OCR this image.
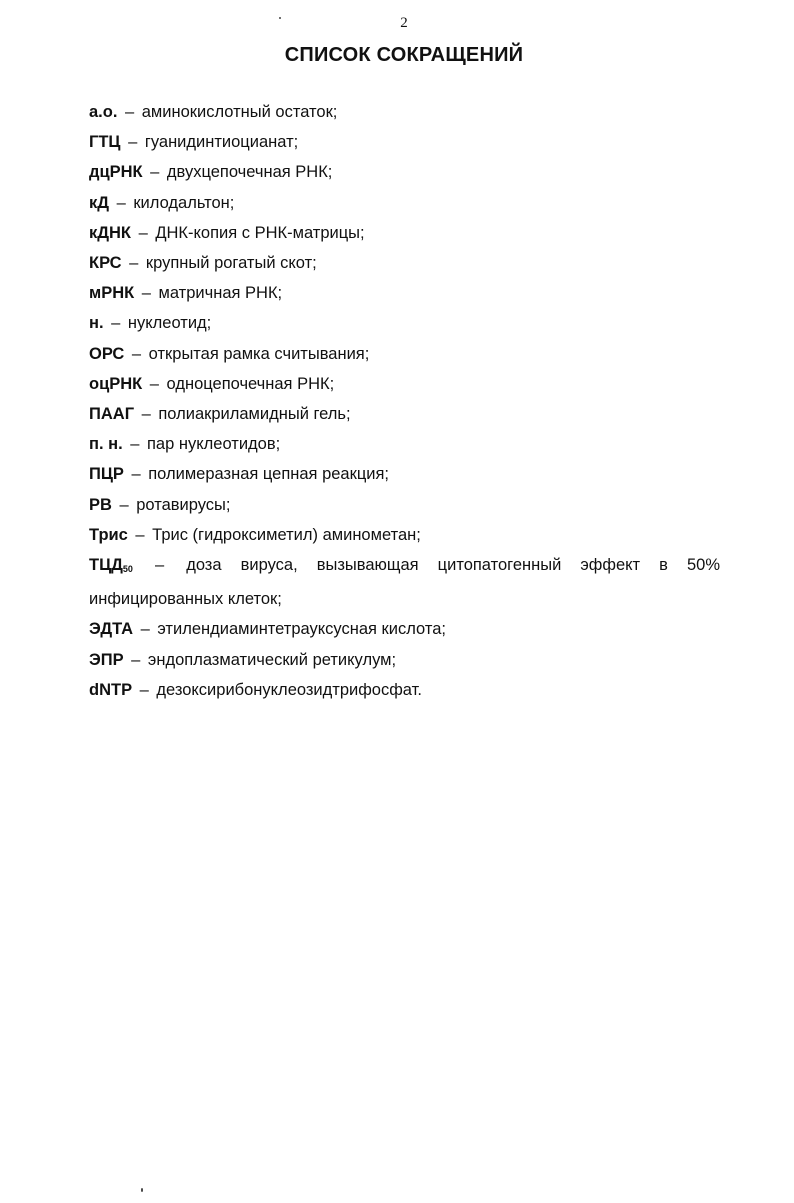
2
СПИСОК СОКРАЩЕНИЙ
а.о. – аминокислотный остаток;
ГТЦ – гуанидинтиоцианат;
дцРНК – двухцепочечная РНК;
кД – килодальтон;
кДНК – ДНК-копия с РНК-матрицы;
КРС – крупный рогатый скот;
мРНК – матричная РНК;
н. – нуклеотид;
ОРС – открытая рамка считывания;
оцРНК – одноцепочечная РНК;
ПААГ – полиакриламидный гель;
п. н. – пар нуклеотидов;
ПЦР – полимеразная цепная реакция;
РВ – ротавирусы;
Трис – Трис (гидроксиметил) аминометан;
$ТЦД_{50}$ – доза вируса, вызывающая цитопатогенный эффект в 50% инфицированных клеток;
ЭДТА – этилендиаминтетрауксусная кислота;
ЭПР – эндоплазматический ретикулум;
dNTP – дезоксирибонуклеозидтрифосфат.
